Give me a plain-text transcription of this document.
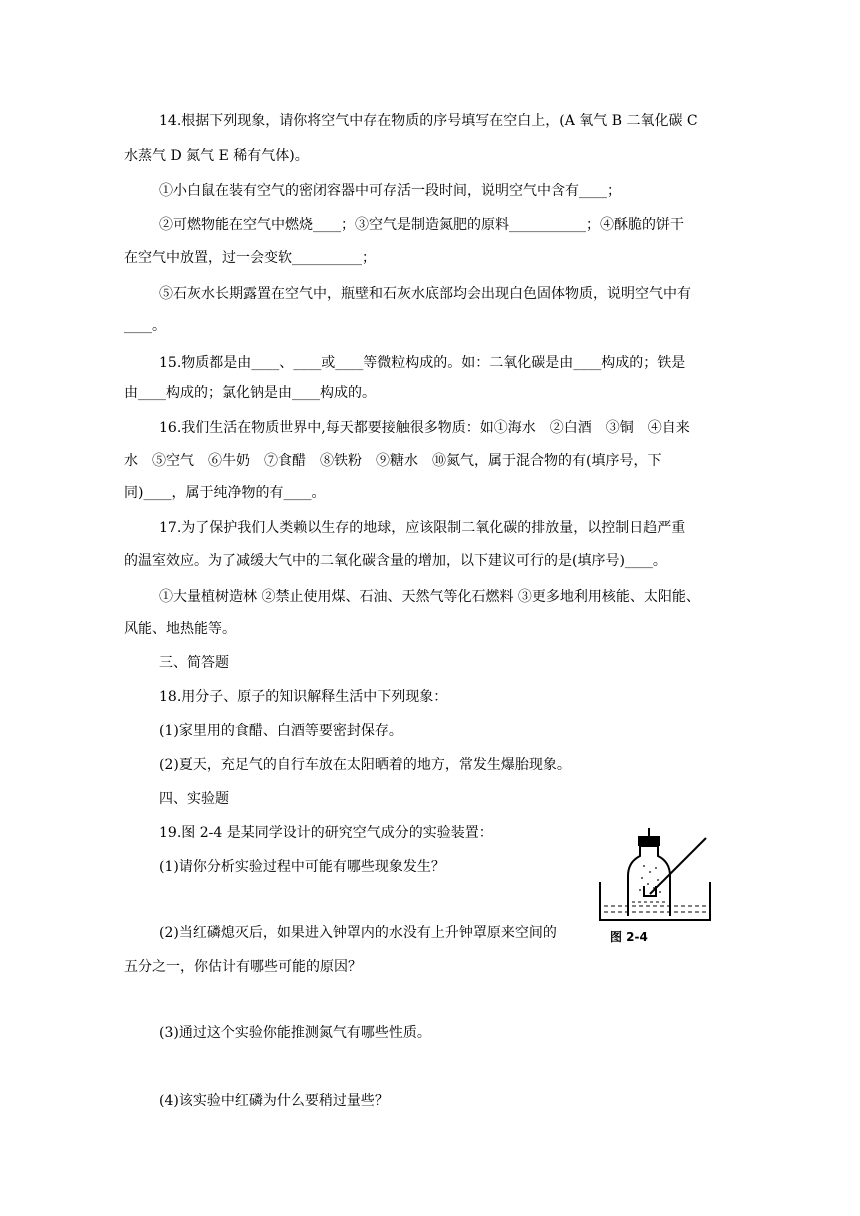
14.根据下列现象，请你将空气中存在物质的序号填写在空白上，(A 氧气 B 二氧化碳 C
水蒸气 D 氮气 E 稀有气体)。
①小白鼠在装有空气的密闭容器中可存活一段时间，说明空气中含有____；
②可燃物能在空气中燃烧____；③空气是制造氮肥的原料___________；④酥脆的饼干
在空气中放置，过一会变软__________；
⑤石灰水长期露置在空气中，瓶壁和石灰水底部均会出现白色固体物质，说明空气中有
____。
15.物质都是由____、____或____等微粒构成的。如：二氧化碳是由____构成的；铁是
由____构成的；氯化钠是由____构成的。
16.我们生活在物质世界中,每天都要接触很多物质：如①海水　②白酒　③铜　④自来
水　⑤空气　⑥牛奶　⑦食醋　⑧铁粉　⑨糖水　⑩氮气，属于混合物的有(填序号，下
同)____，属于纯净物的有____。
17.为了保护我们人类赖以生存的地球，应该限制二氧化碳的排放量，以控制日趋严重
的温室效应。为了减缓大气中的二氧化碳含量的增加，以下建议可行的是(填序号)____。
①大量植树造林 ②禁止使用煤、石油、天然气等化石燃料 ③更多地利用核能、太阳能、
风能、地热能等。
三、简答题
18.用分子、原子的知识解释生活中下列现象：
(1)家里用的食醋、白酒等要密封保存。
(2)夏天，充足气的自行车放在太阳晒着的地方，常发生爆胎现象。
四、实验题
19.图 2-4 是某同学设计的研究空气成分的实验装置：
(1)请你分析实验过程中可能有哪些现象发生？
(2)当红磷熄灭后，如果进入钟罩内的水没有上升钟罩原来空间的
五分之一，你估计有哪些可能的原因？
(3)通过这个实验你能推测氮气有哪些性质。
(4)该实验中红磷为什么要稍过量些？
图 2-4
